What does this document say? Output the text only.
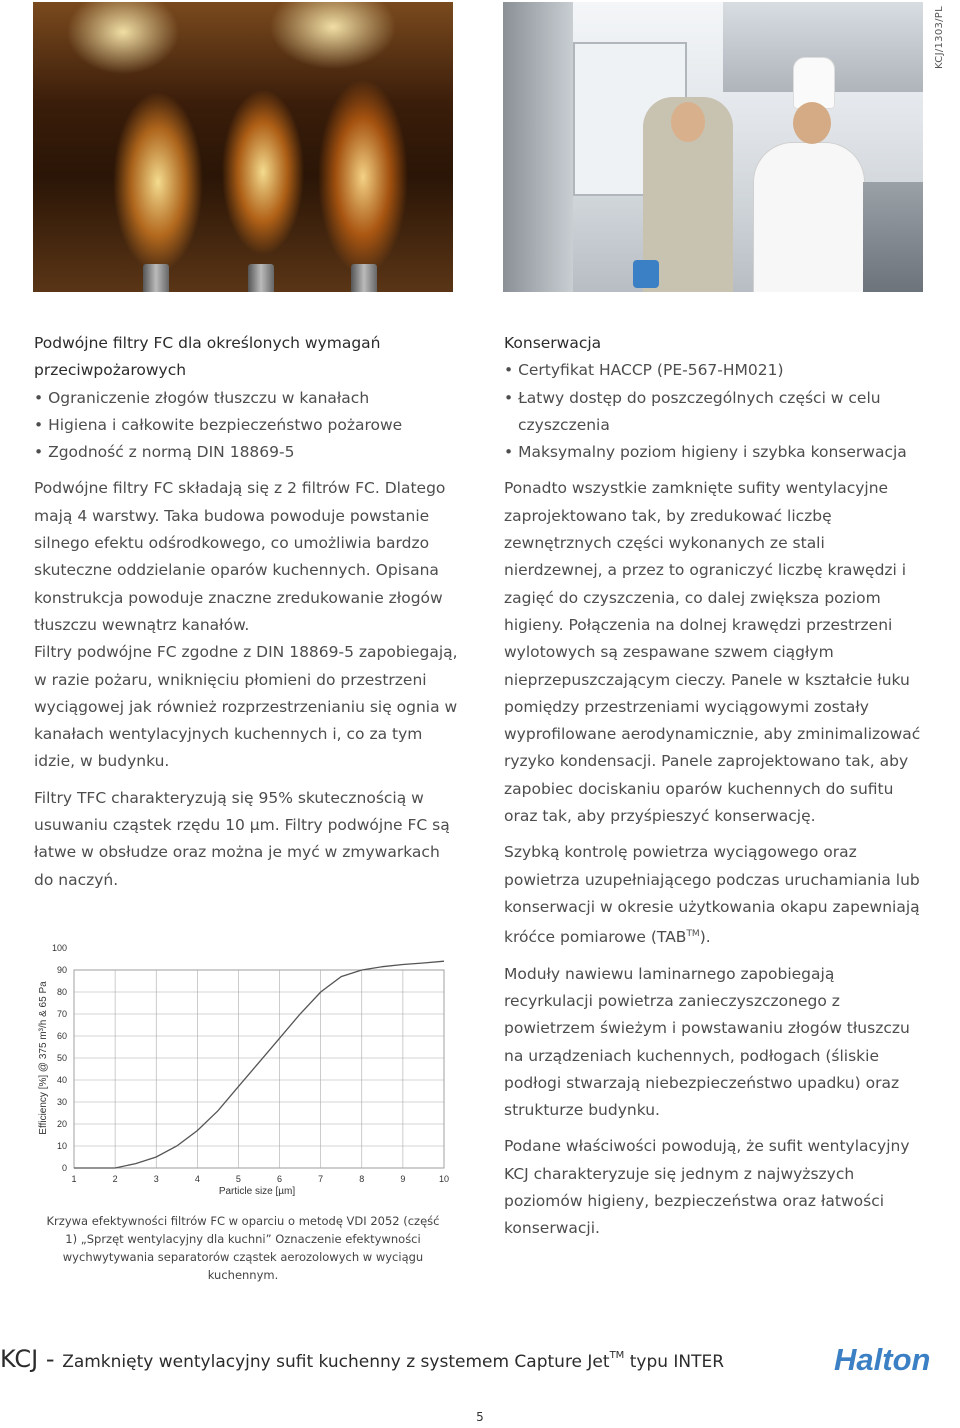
KCJ/1303/PL
Podwójne filtry FC dla określonych wymagań
przeciwpożarowych
• Ograniczenie złogów tłuszczu w kanałach
• Higiena i całkowite bezpieczeństwo pożarowe
• Zgodność z normą DIN 18869-5

Podwójne filtry FC składają się z 2 filtrów FC. Dlatego mają 4 warstwy. Taka budowa powoduje powstanie silnego efektu odśrodkowego, co umożliwia bardzo skuteczne oddzielanie oparów kuchennych. Opisana konstrukcja powoduje znaczne zredukowanie złogów tłuszczu wewnątrz kanałów.

Filtry podwójne FC zgodne z DIN 18869-5 zapobiegają, w razie pożaru, wniknięciu płomieni do przestrzeni wyciągowej jak również rozprzestrzenianiu się ognia w kanałach wentylacyjnych kuchennych i, co za tym idzie, w budynku.

Filtry TFC charakteryzują się 95% skutecznością w usuwaniu cząstek rzędu 10 µm. Filtry podwójne FC są łatwe w obsłudze oraz można je myć w zmywarkach do naczyń.

1	2	3	4	5	6	7	8	9	10
0
10
20
30
40
50
60
70
80
90
100
Particle size [µm]
Efficiency [%] @ 375 m³/h & 65 Pa
Krzywa efektywności filtrów FC w oparciu o metodę VDI 2052 (część 1) „Sprzęt wentylacyjny dla kuchni” Oznaczenie efektywności wychwytywania separatorów cząstek aerozolowych w wyciągu kuchennym.
Konserwacja
• Certyfikat HACCP (PE-567-HM021)
• Łatwy dostęp do poszczególnych części w celu czyszczenia
• Maksymalny poziom higieny i szybka konserwacja

Ponadto wszystkie zamknięte sufity wentylacyjne zaprojektowano tak, by zredukować liczbę zewnętrznych części wykonanych ze stali nierdzewnej, a przez to ograniczyć liczbę krawędzi i zagięć do czyszczenia, co dalej zwiększa poziom higieny. Połączenia na dolnej krawędzi przestrzeni wylotowych są zespawane szwem ciągłym nieprzepuszczającym cieczy. Panele w kształcie łuku pomiędzy przestrzeniami wyciągowymi zostały wyprofilowane aerodynamicznie, aby zminimalizować ryzyko kondensacji. Panele zaprojektowano tak, aby zapobiec dociskaniu oparów kuchennych do sufitu oraz tak, aby przyśpieszyć konserwację.

Szybką kontrolę powietrza wyciągowego oraz powietrza uzupełniającego podczas uruchamiania lub konserwacji w okresie użytkowania okapu zapewniają króćce pomiarowe (TAB™).

Moduły nawiewu laminarnego zapobiegają recyrkulacji powietrza zanieczyszczonego z powietrzem świeżym i powstawaniu złogów tłuszczu na urządzeniach kuchennych, podłogach (śliskie podłogi stwarzają niebezpieczeństwo upadku) oraz strukturze budynku.

Podane właściwości powodują, że sufit wentylacyjny KCJ charakteryzuje się jednym z najwyższych poziomów higieny, bezpieczeństwa oraz łatwości konserwacji.

KCJ - Zamknięty wentylacyjny sufit kuchenny z systemem Capture Jet™ typu INTER	Halton
5
